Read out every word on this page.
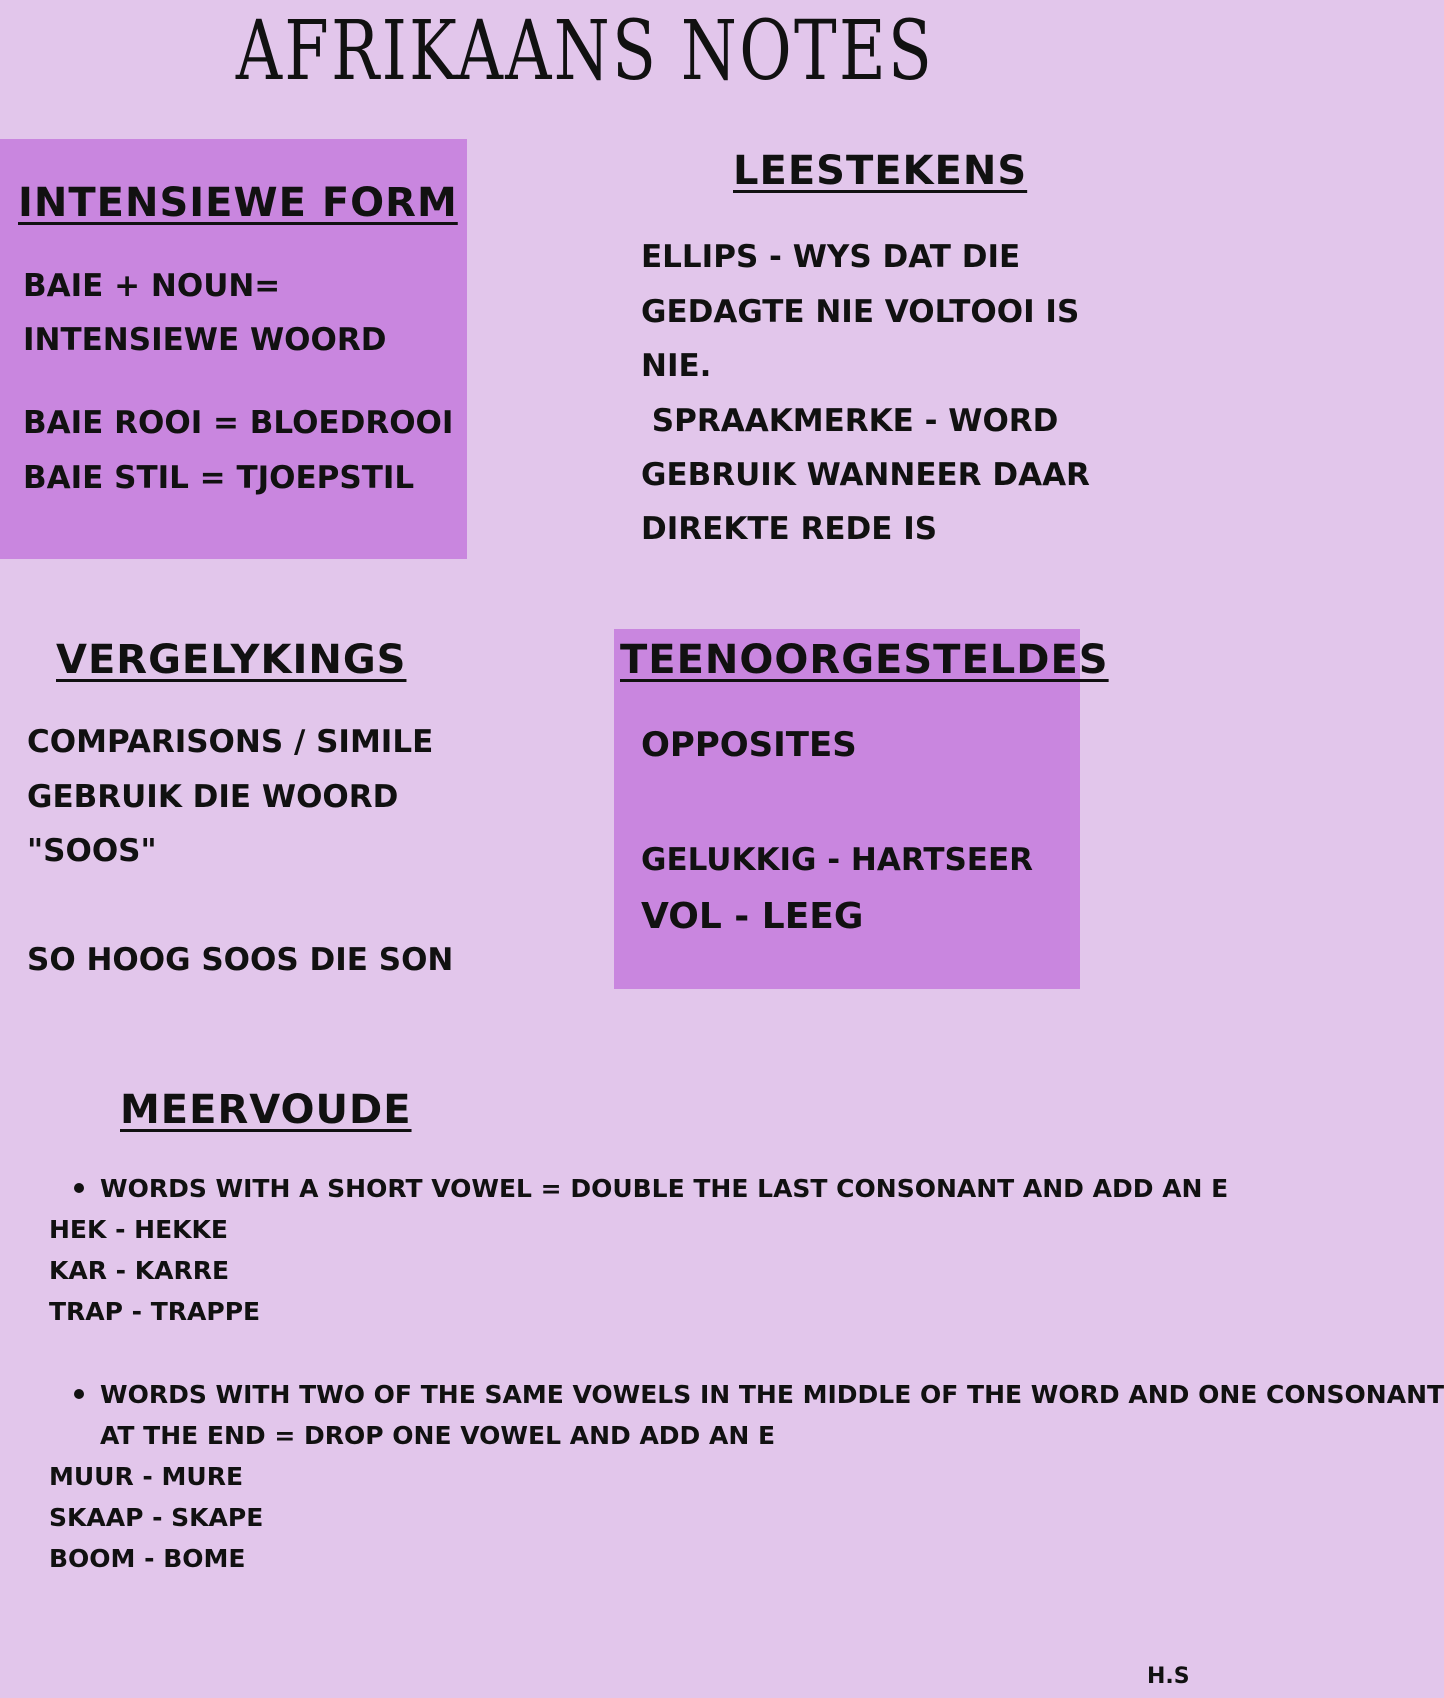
AFRIKAANS NOTES
INTENSIEWE FORM
BAIE + NOUN=
INTENSIEWE WOORD
BAIE ROOI = BLOEDROOI
BAIE STIL = TJOEPSTIL
LEESTEKENS
ELLIPS - WYS DAT DIE
GEDAGTE NIE VOLTOOI IS
NIE.
SPRAAKMERKE - WORD
GEBRUIK WANNEER DAAR
DIREKTE REDE IS
VERGELYKINGS
COMPARISONS / SIMILE
GEBRUIK DIE WOORD
"SOOS"
SO HOOG SOOS DIE SON
TEENOORGESTELDES
OPPOSITES
GELUKKIG - HARTSEER
VOL - LEEG
MEERVOUDE
WORDS WITH A SHORT VOWEL = DOUBLE THE LAST CONSONANT AND ADD AN E
HEK - HEKKE
KAR - KARRE
TRAP - TRAPPE
WORDS WITH TWO OF THE SAME VOWELS IN THE MIDDLE OF THE WORD AND ONE CONSONANT
AT THE END = DROP ONE VOWEL AND ADD AN E
MUUR - MURE
SKAAP - SKAPE
BOOM - BOME
H.S
